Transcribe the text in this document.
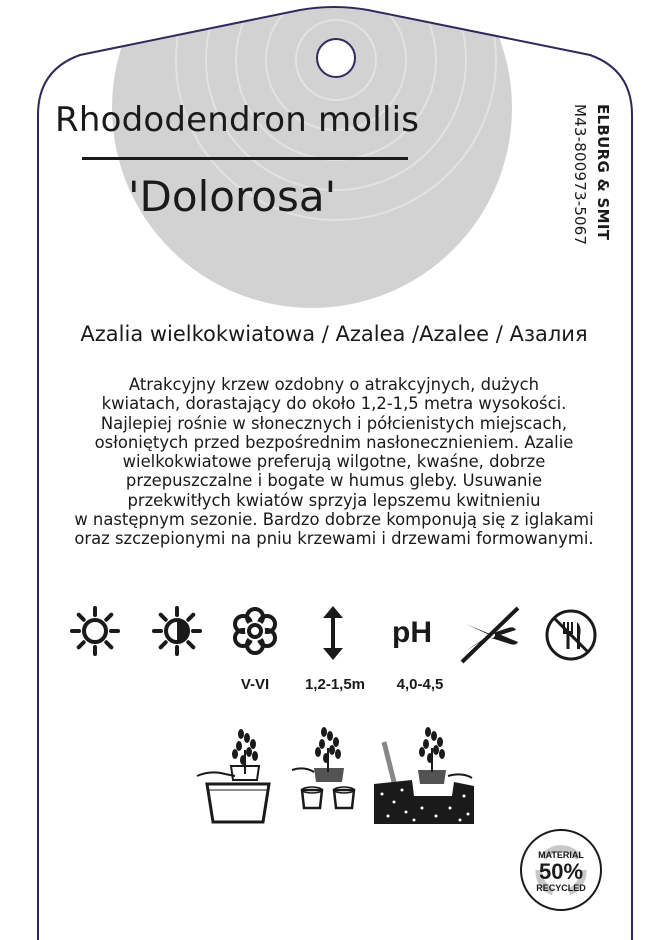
Rhododendron mollis
'Dolorosa'	ELBURG & SMIT
M43-800973-5067
Azalia wielkokwiatowa / Azalea /Azalee / Азалия
Atrakcyjny krzew ozdobny o atrakcyjnych, dużych
kwiatach, dorastający do około 1,2-1,5 metra wysokości.
Najlepiej rośnie w słonecznych i półcienistych miejscach,
osłoniętych przed bezpośrednim nasłonecznieniem. Azalie
wielkokwiatowe preferują wilgotne, kwaśne, dobrze
przepuszczalne i bogate w humus gleby. Usuwanie
przekwitłych kwiatów sprzyja lepszemu kwitnieniu
w następnym sezonie. Bardzo dobrze komponują się z iglakami
oraz szczepionymi na pniu krzewami i drzewami formowanymi.
pH
V-VI	1,2-1,5m	4,0-4,5
MATERIAL
50%
RECYCLED
